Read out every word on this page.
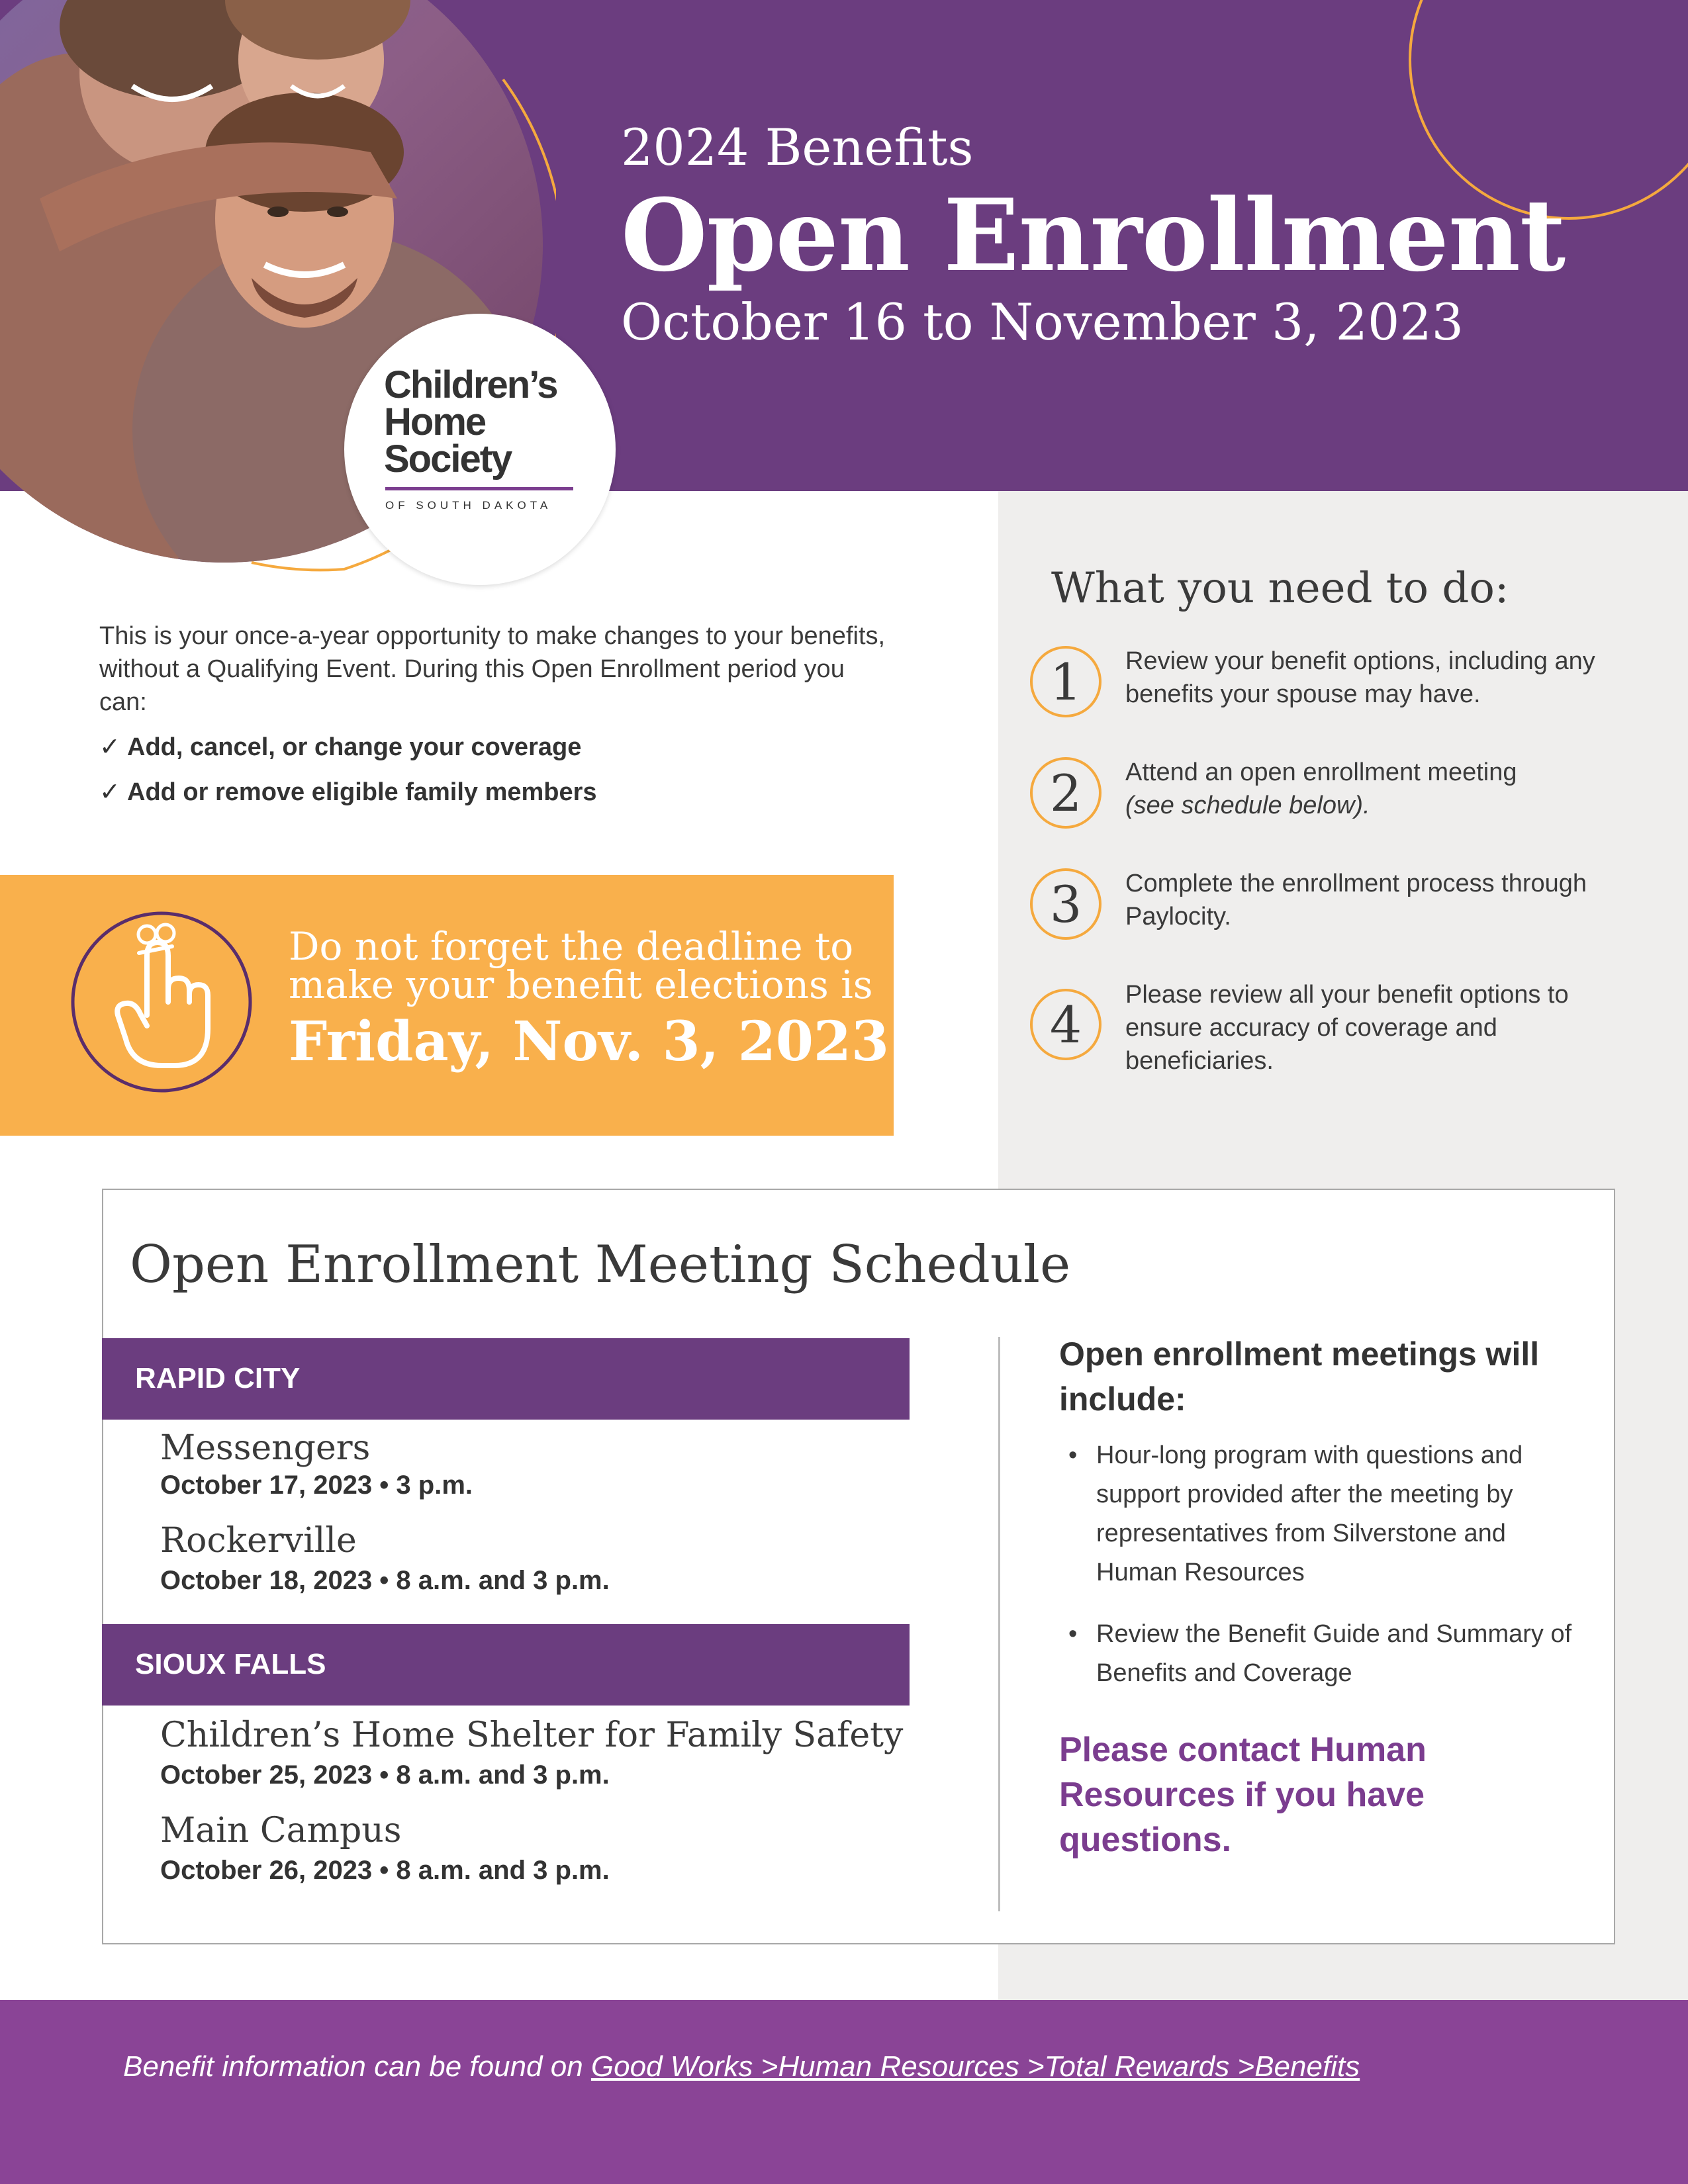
Children’s
Home
Society
OF SOUTH DAKOTA
2024 Benefits
Open Enrollment
October 16 to November 3, 2023
This is your once-a-year opportunity to make changes to your benefits, without a Qualifying Event. During this Open Enrollment period you can:
✓ Add, cancel, or change your coverage
✓ Add or remove eligible family members
Do not forget the deadline to
make your benefit elections is
Friday, Nov. 3, 2023
What you need to do:
1	Review your benefit options, including any benefits your spouse may have.
2	Attend an open enrollment meeting
(see schedule below).
3	Complete the enrollment process through Paylocity.
4
Please review all your benefit options to ensure accuracy of coverage and beneficiaries.
Open Enrollment Meeting Schedule
RAPID CITY
Messengers
October 17, 2023 • 3 p.m.
Rockerville
October 18, 2023 • 8 a.m. and 3 p.m.
SIOUX FALLS
Children’s Home Shelter for Family Safety
October 25, 2023 • 8 a.m. and 3 p.m.
Main Campus
October 26, 2023 • 8 a.m. and 3 p.m.
Open enrollment meetings will include:
• Hour-long program with questions and support provided after the meeting by representatives from Silverstone and Human Resources
• Review the Benefit Guide and Summary of Benefits and Coverage
Please contact Human Resources if you have questions.
Benefit information can be found on Good Works >Human Resources >Total Rewards >Benefits
